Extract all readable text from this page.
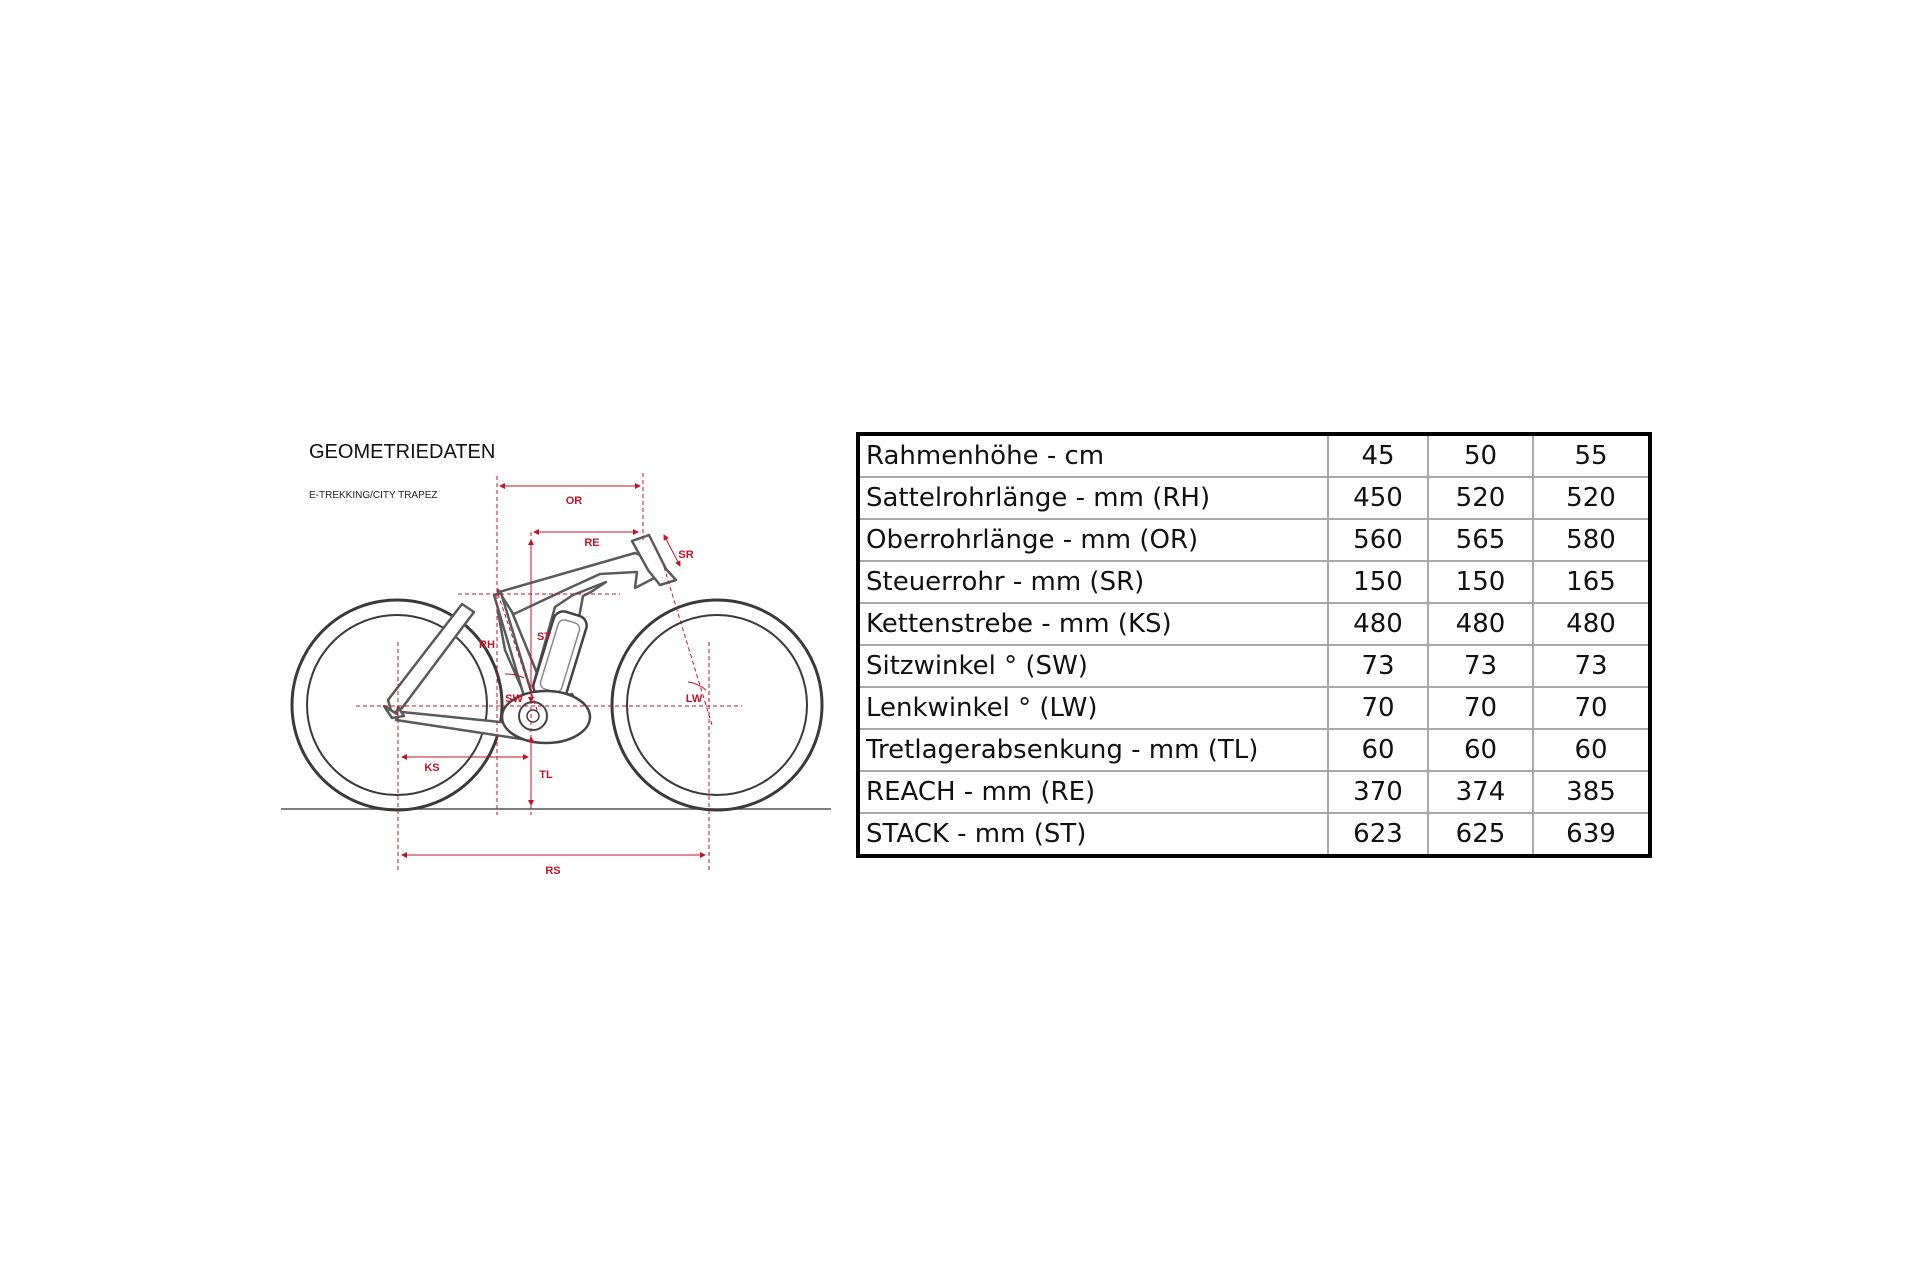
GEOMETRIEDATEN
E-TREKKING/CITY TRAPEZ	OR
RE
SR
RH
ST
SW	LW
KS
TL
RS
Rahmenhöhe - cm	45	50	55
Sattelrohrlänge - mm (RH)	450	520	520
Oberrohrlänge - mm (OR)	560	565	580
Steuerrohr - mm (SR)	150	150	165
Kettenstrebe - mm (KS)	480	480	480
Sitzwinkel ° (SW)	73	73	73
Lenkwinkel ° (LW)	70	70	70
Tretlagerabsenkung - mm (TL)	60	60	60
REACH - mm (RE)	370	374	385
STACK - mm (ST)	623	625	639
